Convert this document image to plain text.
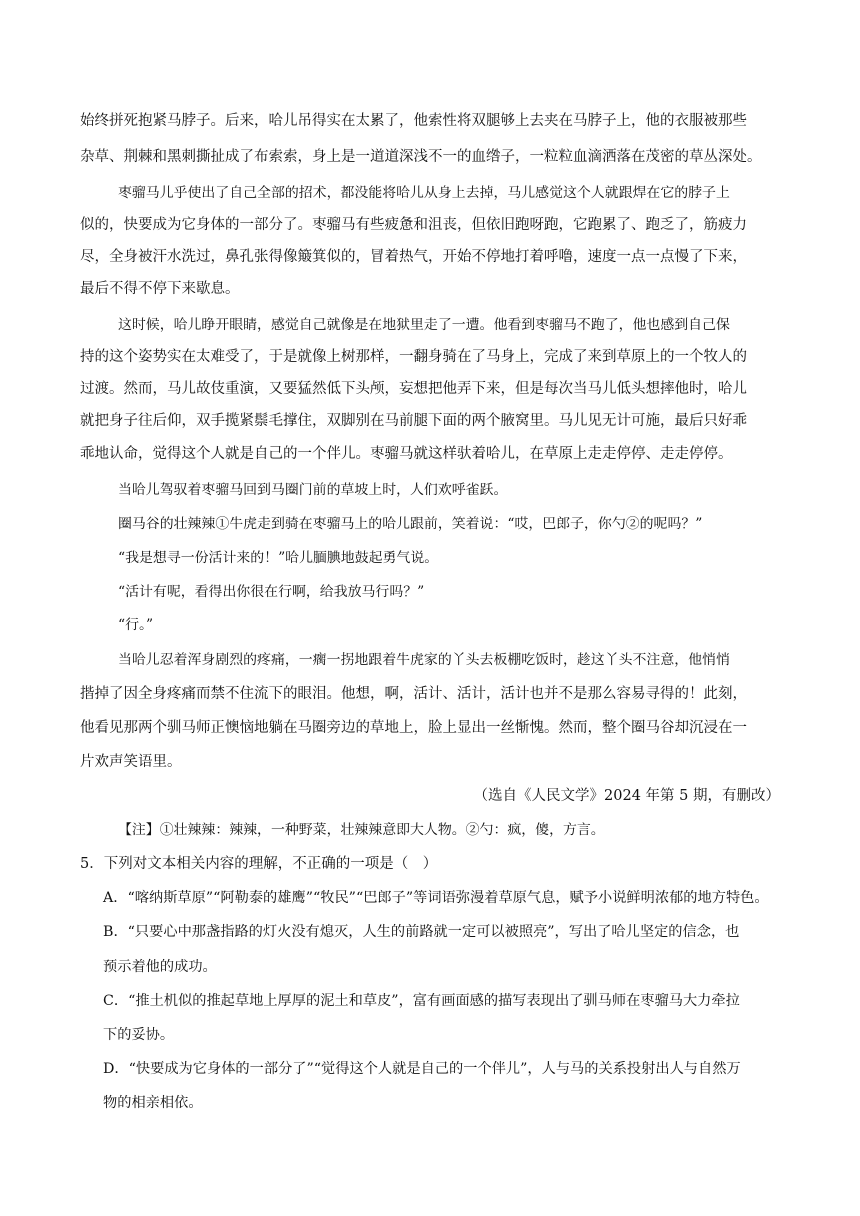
始终拼死抱紧马脖子。后来，哈儿吊得实在太累了，他索性将双腿够上去夹在马脖子上，他的衣服被那些
杂草、荆棘和黑刺撕扯成了布索索，身上是一道道深浅不一的血绺子，一粒粒血滴洒落在茂密的草丛深处。
枣骝马儿乎使出了自己全部的招术，都没能将哈儿从身上去掉，马儿感觉这个人就跟焊在它的脖子上
似的，快要成为它身体的一部分了。枣骝马有些疲惫和沮丧，但依旧跑呀跑，它跑累了、跑乏了，筋疲力
尽，全身被汗水洗过，鼻孔张得像簸箕似的，冒着热气，开始不停地打着呼噜，速度一点一点慢了下来，
最后不得不停下来歇息。
这时候，哈儿睁开眼睛，感觉自己就像是在地狱里走了一遭。他看到枣骝马不跑了，他也感到自己保
持的这个姿势实在太难受了，于是就像上树那样，一翻身骑在了马身上，完成了来到草原上的一个牧人的
过渡。然而，马儿故伎重演，又要猛然低下头颅，妄想把他弄下来，但是每次当马儿低头想摔他时，哈儿
就把身子往后仰，双手揽紧鬃毛撑住，双脚别在马前腿下面的两个腋窝里。马儿见无计可施，最后只好乖
乖地认命，觉得这个人就是自己的一个伴儿。枣骝马就这样驮着哈儿，在草原上走走停停、走走停停。
当哈儿驾驭着枣骝马回到马圈门前的草坡上时，人们欢呼雀跃。
圈马谷的壮辣辣①牛虎走到骑在枣骝马上的哈儿跟前，笑着说：“哎，巴郎子，你勺②的呢吗？”
“我是想寻一份活计来的！”哈儿腼腆地鼓起勇气说。
“活计有呢，看得出你很在行啊，给我放马行吗？”
“行。”
当哈儿忍着浑身剧烈的疼痛，一瘸一拐地跟着牛虎家的丫头去板棚吃饭时，趁这丫头不注意，他悄悄
揩掉了因全身疼痛而禁不住流下的眼泪。他想，啊，活计、活计，活计也并不是那么容易寻得的！此刻，
他看见那两个驯马师正懊恼地躺在马圈旁边的草地上，脸上显出一丝惭愧。然而，整个圈马谷却沉浸在一
片欢声笑语里。
（选自《人民文学》2024 年第 5 期，有删改）
【注】①壮辣辣：辣辣，一种野菜，壮辣辣意即大人物。②勺：疯，傻，方言。
5．下列对文本相关内容的理解，不正确的一项是（　）
A．“喀纳斯草原”“阿勒泰的雄鹰”“牧民”“巴郎子”等词语弥漫着草原气息，赋予小说鲜明浓郁的地方特色。
B．“只要心中那盏指路的灯火没有熄灭，人生的前路就一定可以被照亮”，写出了哈儿坚定的信念，也
预示着他的成功。
C．“推土机似的推起草地上厚厚的泥土和草皮”，富有画面感的描写表现出了驯马师在枣骝马大力牵拉
下的妥协。
D．“快要成为它身体的一部分了”“觉得这个人就是自己的一个伴儿”，人与马的关系投射出人与自然万
物的相亲相依。
